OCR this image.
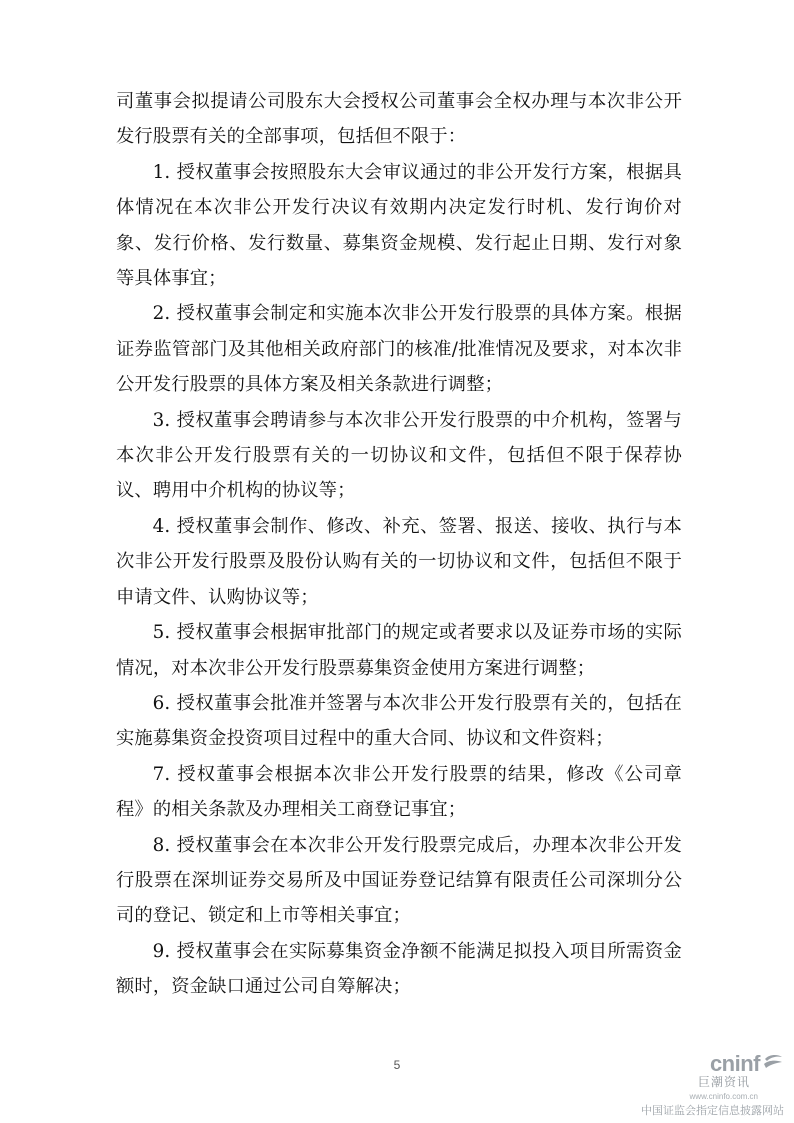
司董事会拟提请公司股东大会授权公司董事会全权办理与本次非公开发行股票有关的全部事项，包括但不限于：

1. 授权董事会按照股东大会审议通过的非公开发行方案，根据具体情况在本次非公开发行决议有效期内决定发行时机、发行询价对象、发行价格、发行数量、募集资金规模、发行起止日期、发行对象等具体事宜；

2. 授权董事会制定和实施本次非公开发行股票的具体方案。根据证券监管部门及其他相关政府部门的核准/批准情况及要求，对本次非公开发行股票的具体方案及相关条款进行调整；

3. 授权董事会聘请参与本次非公开发行股票的中介机构，签署与本次非公开发行股票有关的一切协议和文件，包括但不限于保荐协议、聘用中介机构的协议等；

4. 授权董事会制作、修改、补充、签署、报送、接收、执行与本次非公开发行股票及股份认购有关的一切协议和文件，包括但不限于申请文件、认购协议等；

5. 授权董事会根据审批部门的规定或者要求以及证券市场的实际情况，对本次非公开发行股票募集资金使用方案进行调整；

6. 授权董事会批准并签署与本次非公开发行股票有关的，包括在实施募集资金投资项目过程中的重大合同、协议和文件资料；

7. 授权董事会根据本次非公开发行股票的结果，修改《公司章程》的相关条款及办理相关工商登记事宜；

8. 授权董事会在本次非公开发行股票完成后，办理本次非公开发行股票在深圳证券交易所及中国证券登记结算有限责任公司深圳分公司的登记、锁定和上市等相关事宜；

9. 授权董事会在实际募集资金净额不能满足拟投入项目所需资金额时，资金缺口通过公司自筹解决；

5	cninf
巨潮资讯
www.cninfo.com.cn
中国证监会指定信息披露网站
